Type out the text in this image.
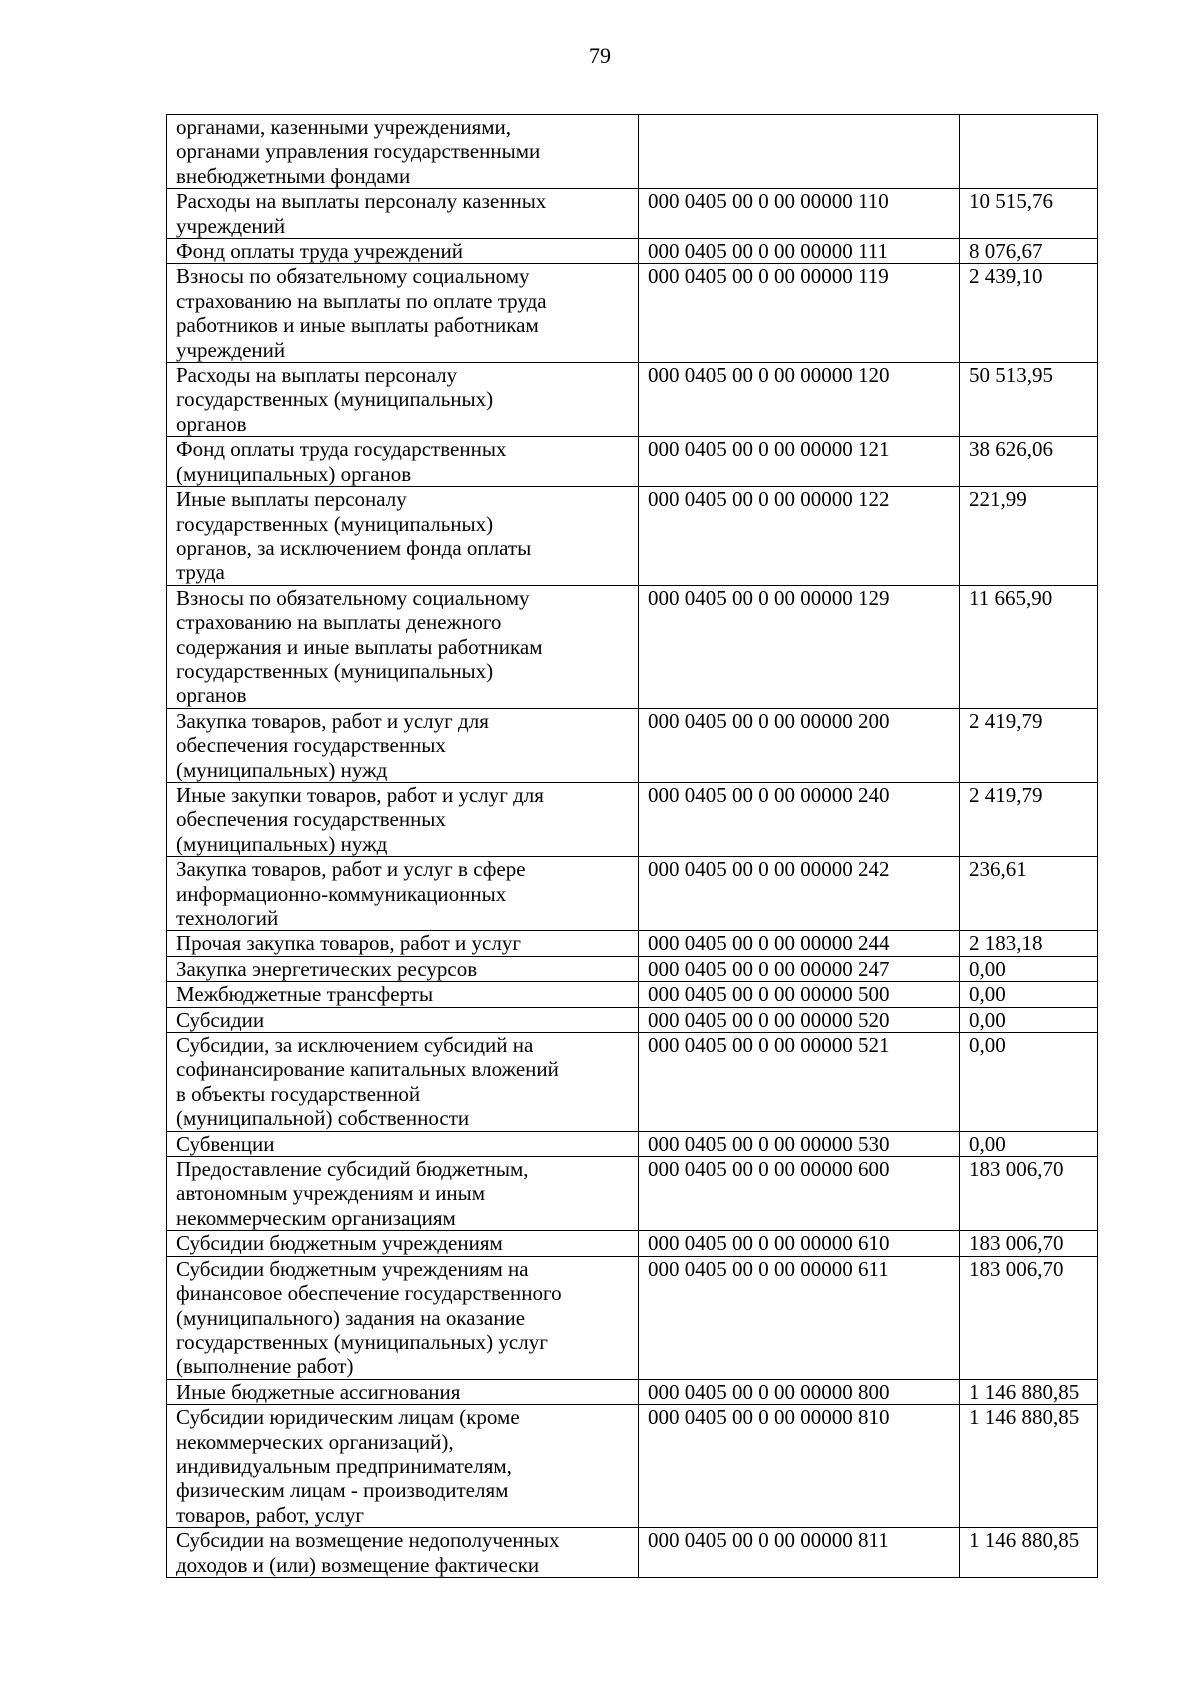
79
органами, казенными учреждениями,
органами управления государственными
внебюджетными фондами		
Расходы на выплаты персоналу казенных
учреждений	000 0405 00 0 00 00000 110	10 515,76
Фонд оплаты труда учреждений	000 0405 00 0 00 00000 111	8 076,67
Взносы по обязательному социальному
страхованию на выплаты по оплате труда
работников и иные выплаты работникам
учреждений	000 0405 00 0 00 00000 119	2 439,10
Расходы на выплаты персоналу
государственных (муниципальных)
органов	000 0405 00 0 00 00000 120	50 513,95
Фонд оплаты труда государственных
(муниципальных) органов	000 0405 00 0 00 00000 121	38 626,06
Иные выплаты персоналу
государственных (муниципальных)
органов, за исключением фонда оплаты
труда	000 0405 00 0 00 00000 122	221,99
Взносы по обязательному социальному
страхованию на выплаты денежного
содержания и иные выплаты работникам
государственных (муниципальных)
органов	000 0405 00 0 00 00000 129	11 665,90
Закупка товаров, работ и услуг для
обеспечения государственных
(муниципальных) нужд	000 0405 00 0 00 00000 200	2 419,79
Иные закупки товаров, работ и услуг для
обеспечения государственных
(муниципальных) нужд	000 0405 00 0 00 00000 240	2 419,79
Закупка товаров, работ и услуг в сфере
информационно-коммуникационных
технологий	000 0405 00 0 00 00000 242	236,61
Прочая закупка товаров, работ и услуг	000 0405 00 0 00 00000 244	2 183,18
Закупка энергетических ресурсов	000 0405 00 0 00 00000 247	0,00
Межбюджетные трансферты	000 0405 00 0 00 00000 500	0,00
Субсидии	000 0405 00 0 00 00000 520	0,00
Субсидии, за исключением субсидий на
софинансирование капитальных вложений
в объекты государственной
(муниципальной) собственности	000 0405 00 0 00 00000 521	0,00
Субвенции	000 0405 00 0 00 00000 530	0,00
Предоставление субсидий бюджетным,
автономным учреждениям и иным
некоммерческим организациям	000 0405 00 0 00 00000 600	183 006,70
Субсидии бюджетным учреждениям	000 0405 00 0 00 00000 610	183 006,70
Субсидии бюджетным учреждениям на
финансовое обеспечение государственного
(муниципального) задания на оказание
государственных (муниципальных) услуг
(выполнение работ)	000 0405 00 0 00 00000 611	183 006,70
Иные бюджетные ассигнования	000 0405 00 0 00 00000 800	1 146 880,85
Субсидии юридическим лицам (кроме
некоммерческих организаций),
индивидуальным предпринимателям,
физическим лицам - производителям
товаров, работ, услуг	000 0405 00 0 00 00000 810	1 146 880,85
Субсидии на возмещение недополученных
доходов и (или) возмещение фактически	000 0405 00 0 00 00000 811	1 146 880,85
